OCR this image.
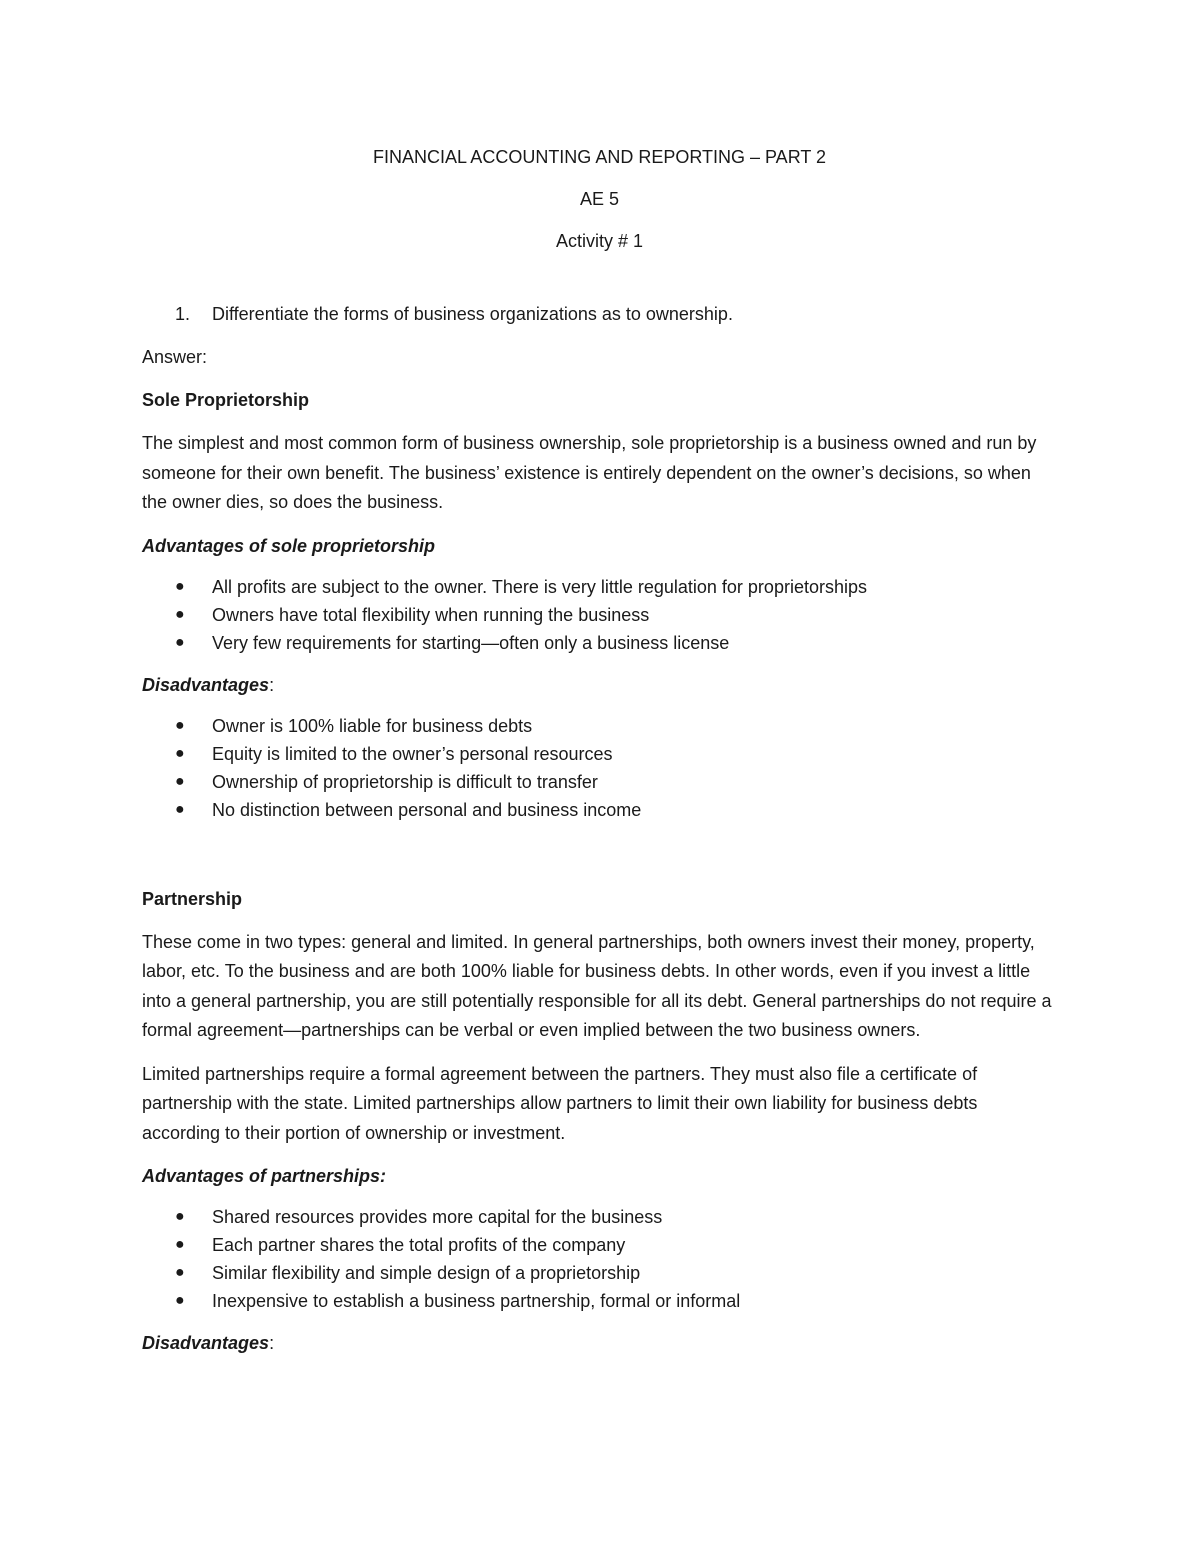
FINANCIAL ACCOUNTING AND REPORTING – PART 2

AE 5

Activity # 1

1.	Differentiate the forms of business organizations as to ownership.

Answer:

Sole Proprietorship

The simplest and most common form of business ownership, sole proprietorship is a business owned and run by someone for their own benefit. The business’ existence is entirely dependent on the owner’s decisions, so when the owner dies, so does the business.

Advantages of sole proprietorship

●	All profits are subject to the owner. There is very little regulation for proprietorships
●	Owners have total flexibility when running the business
●	Very few requirements for starting—often only a business license

Disadvantages:

●	Owner is 100% liable for business debts
●	Equity is limited to the owner’s personal resources
●	Ownership of proprietorship is difficult to transfer
●	No distinction between personal and business income

Partnership

These come in two types: general and limited. In general partnerships, both owners invest their money, property, labor, etc. To the business and are both 100% liable for business debts. In other words, even if you invest a little into a general partnership, you are still potentially responsible for all its debt. General partnerships do not require a formal agreement—partnerships can be verbal or even implied between the two business owners.

Limited partnerships require a formal agreement between the partners. They must also file a certificate of partnership with the state. Limited partnerships allow partners to limit their own liability for business debts according to their portion of ownership or investment.

Advantages of partnerships:

●	Shared resources provides more capital for the business
●	Each partner shares the total profits of the company
●	Similar flexibility and simple design of a proprietorship
●	Inexpensive to establish a business partnership, formal or informal

Disadvantages:
